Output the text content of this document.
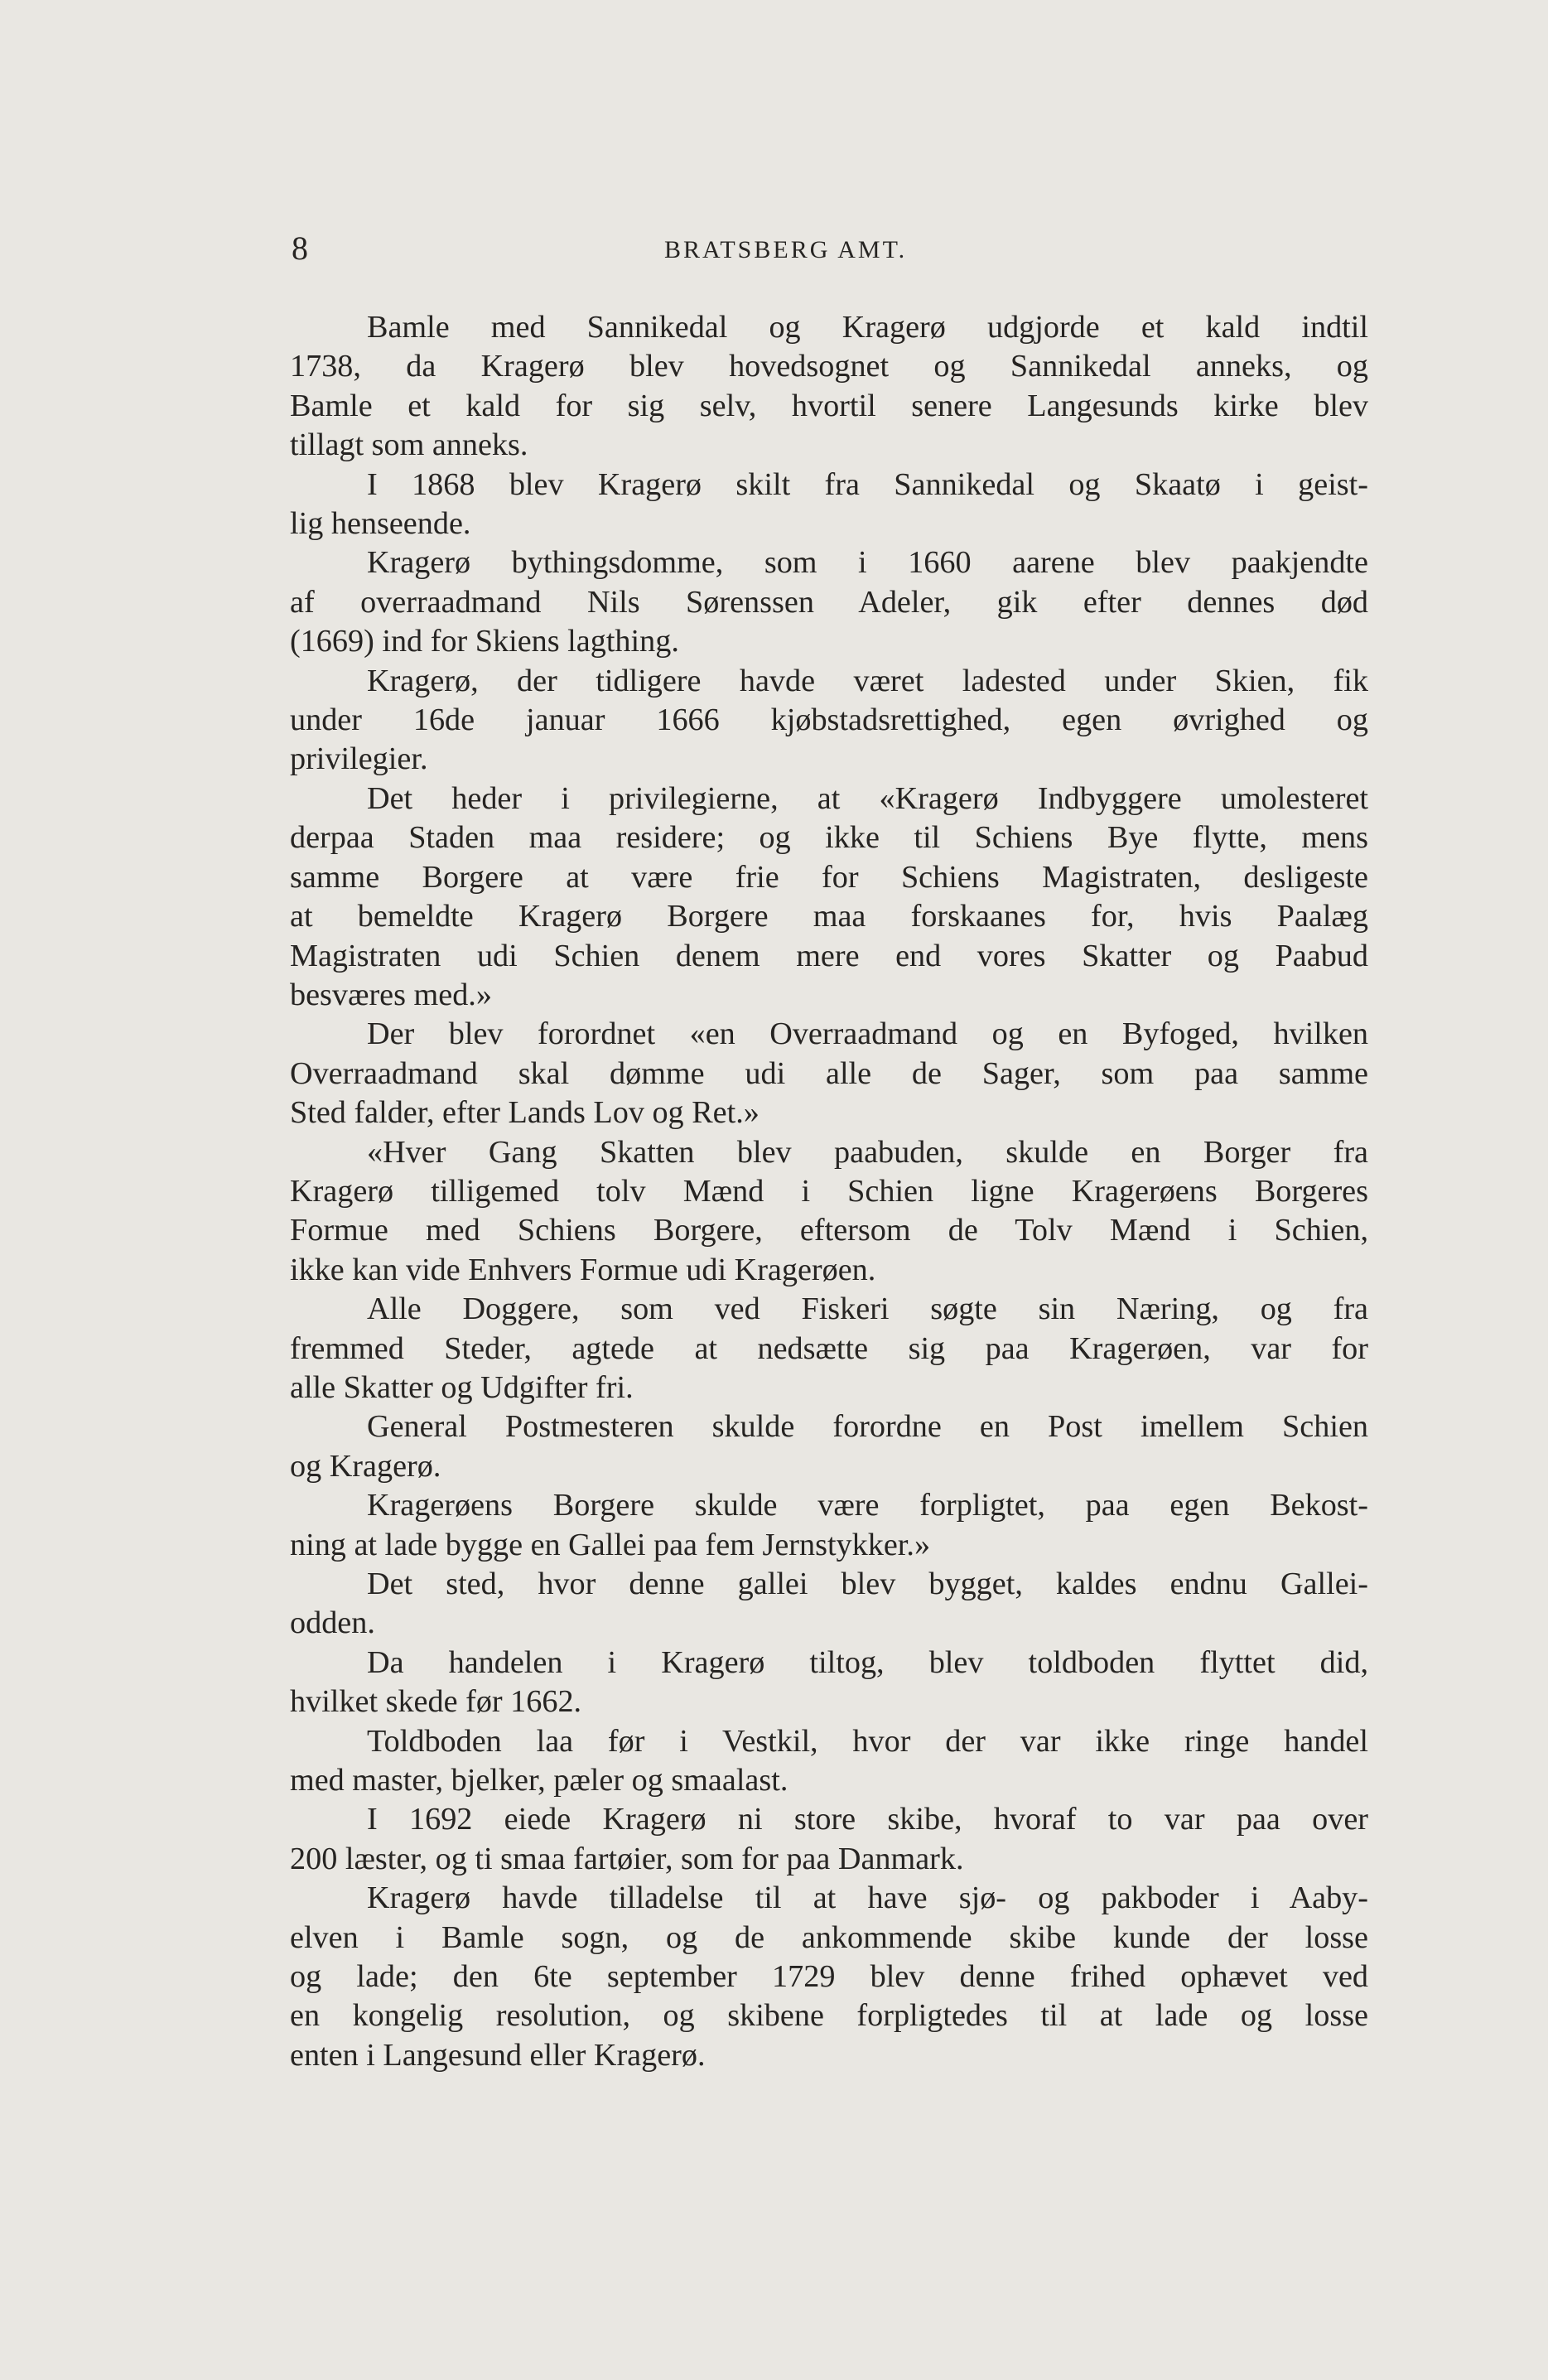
8	BRATSBERG AMT.

Bamle med Sannikedal og Kragerø udgjorde et kald indtil
1738, da Kragerø blev hovedsognet og Sannikedal anneks, og
Bamle et kald for sig selv, hvortil senere Langesunds kirke blev
tillagt som anneks.

I 1868 blev Kragerø skilt fra Sannikedal og Skaatø i geist-
lig henseende.

Kragerø bythingsdomme, som i 1660 aarene blev paakjendte
af overraadmand Nils Sørenssen Adeler, gik efter dennes død
(1669) ind for Skiens lagthing.

Kragerø, der tidligere havde været ladested under Skien, fik
under 16de januar 1666 kjøbstadsrettighed, egen øvrighed og
privilegier.

Det heder i privilegierne, at «Kragerø Indbyggere umolesteret
derpaa Staden maa residere; og ikke til Schiens Bye flytte, mens
samme Borgere at være frie for Schiens Magistraten, desligeste
at bemeldte Kragerø Borgere maa forskaanes for, hvis Paalæg
Magistraten udi Schien denem mere end vores Skatter og Paabud
besværes med.»

Der blev forordnet «en Overraadmand og en Byfoged, hvilken
Overraadmand skal dømme udi alle de Sager, som paa samme
Sted falder, efter Lands Lov og Ret.»

«Hver Gang Skatten blev paabuden, skulde en Borger fra
Kragerø tilligemed tolv Mænd i Schien ligne Kragerøens Borgeres
Formue med Schiens Borgere, eftersom de Tolv Mænd i Schien,
ikke kan vide Enhvers Formue udi Kragerøen.

Alle Doggere, som ved Fiskeri søgte sin Næring, og fra
fremmed Steder, agtede at nedsætte sig paa Kragerøen, var for
alle Skatter og Udgifter fri.

General Postmesteren skulde forordne en Post imellem Schien
og Kragerø.

Kragerøens Borgere skulde være forpligtet, paa egen Bekost-
ning at lade bygge en Gallei paa fem Jernstykker.»

Det sted, hvor denne gallei blev bygget, kaldes endnu Gallei-
odden.

Da handelen i Kragerø tiltog, blev toldboden flyttet did,
hvilket skede før 1662.

Toldboden laa før i Vestkil, hvor der var ikke ringe handel
med master, bjelker, pæler og smaalast.

I 1692 eiede Kragerø ni store skibe, hvoraf to var paa over
200 læster, og ti smaa fartøier, som for paa Danmark.

Kragerø havde tilladelse til at have sjø- og pakboder i Aaby-
elven i Bamle sogn, og de ankommende skibe kunde der losse
og lade; den 6te september 1729 blev denne frihed ophævet ved
en kongelig resolution, og skibene forpligtedes til at lade og losse
enten i Langesund eller Kragerø.
